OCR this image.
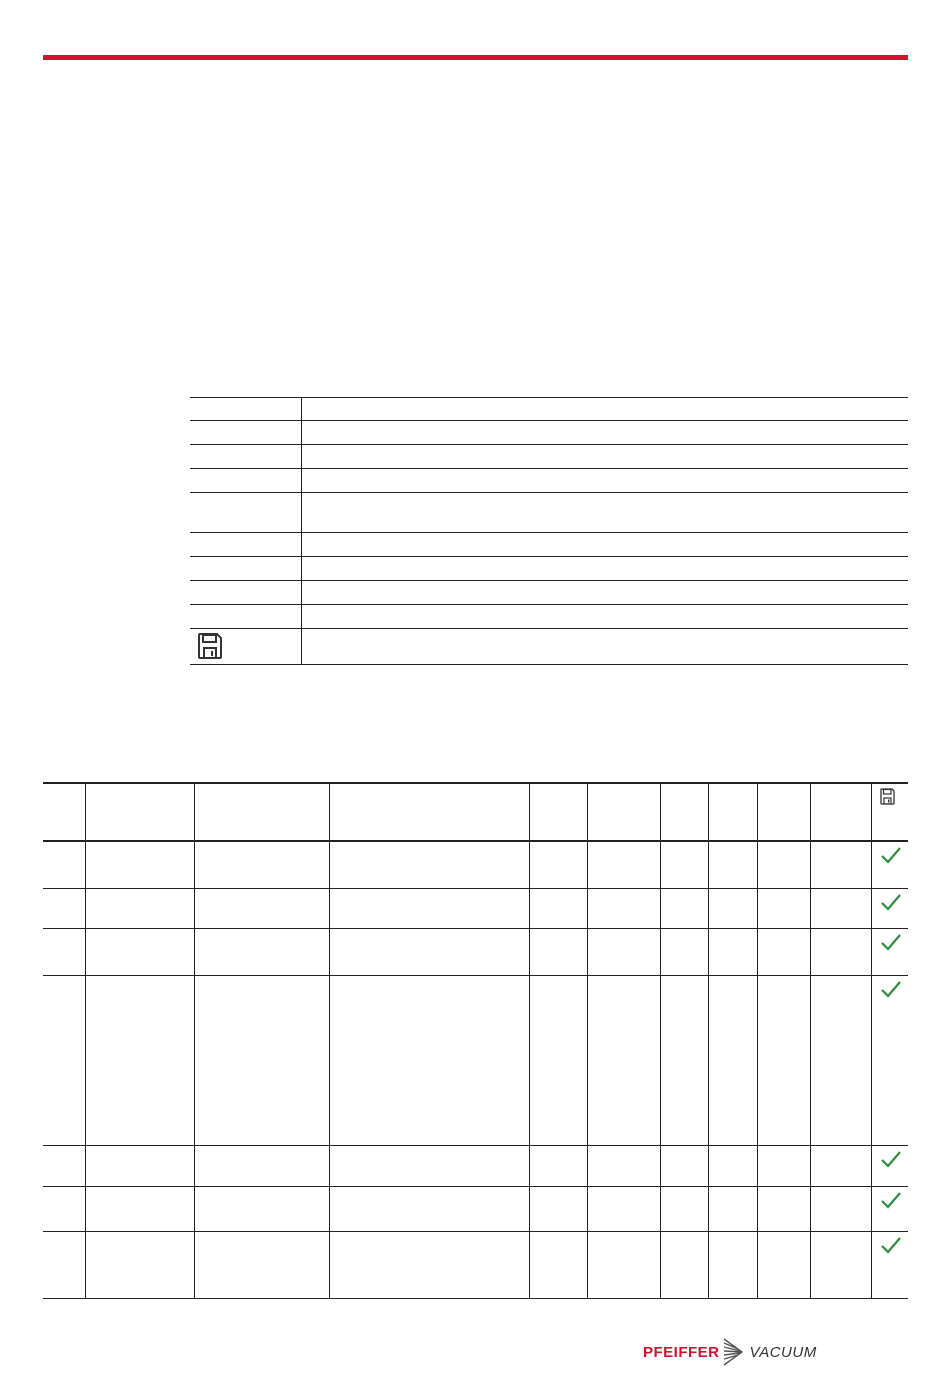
PFEIFFER VACUUM
